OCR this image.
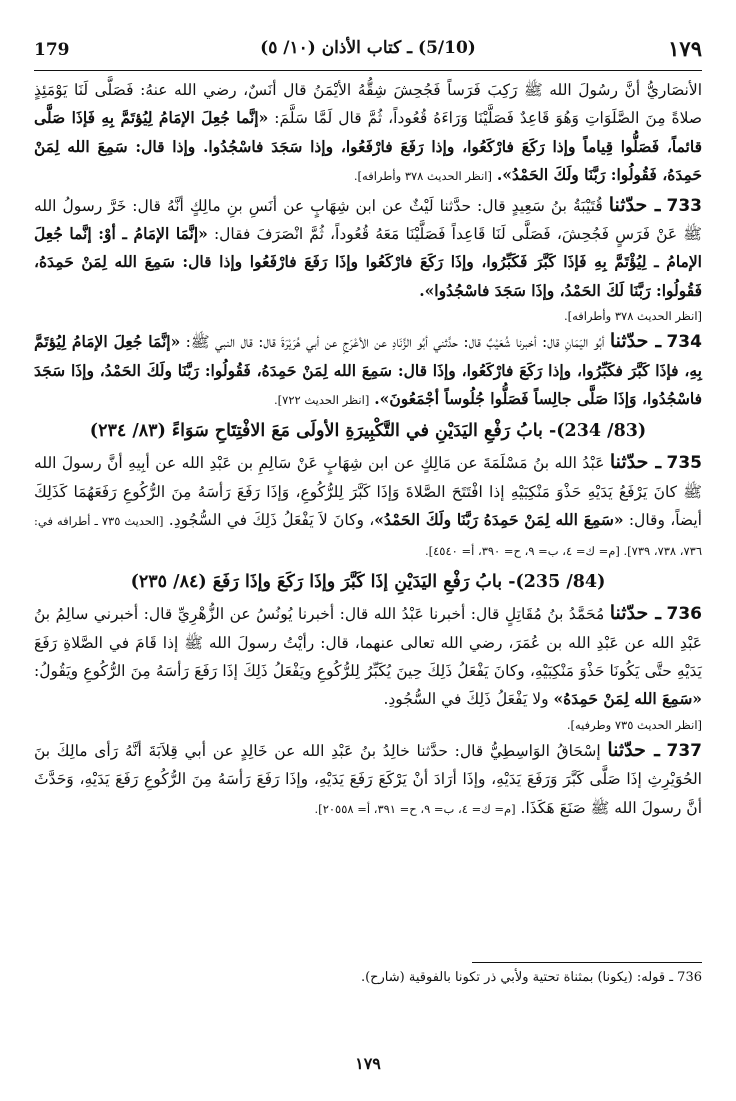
179	(5/10) ـ كتاب الأذان (١٠/ ٥)	١٧٩

الأنصَاريُّ أنَّ رسُولَ الله ﷺ رَكِبَ فَرَساً فَجُحِشَ شِقُّهُ الأيْمَنُ قال أنَسٌ، رضي الله عنهُ: فَصَلَّى لَنَا يَوْمَئِذٍ صلاةً مِنَ الصَّلَوَاتِ وَهُوَ قَاعِدٌ فَصَلَّيْنَا وَرَاءَهُ قُعُوداً، ثُمَّ قال لَمَّا سَلَّمَ: «إنَّما جُعِلَ الإمَامُ لِيُؤتَمَّ بِهِ فَإذَا صَلَّى قائماً، فَصَلُّوا قِياماً وإذا رَكَعَ فارْكَعُوا، وإذا رَفَعَ فارْفَعُوا، وإذا سَجَدَ فاسْجُدُوا. وإذا قال: سَمِعَ الله لِمَنْ حَمِدَهُ، فَقُولُوا: رَبَّنَا ولَكَ الحَمْدُ». [انظر الحديث ٣٧٨ وأطرافه].

733 ـ حدّثنا قُتَيْبَةُ بنُ سَعِيدٍ قال: حدَّثنا لَيْثٌ عن ابن شِهَابٍ عن أنَسِ بنِ مالِكٍ أنَّهُ قال: خَرَّ رسولُ الله ﷺ عَنْ فَرَسٍ فَجُحِشَ، فَصَلَّى لَنَا قَاعِداً فَصَلَّيْنَا مَعَهُ قُعُوداً، ثُمَّ انْصَرَفَ فقال: «إنَّمَا الإمَامُ ـ أوْ: إنَّما جُعِلَ الإمامُ ـ لِيُؤْتَمَّ بِهِ فَإذَا كَبَّرَ فَكَبِّرُوا، وإذَا رَكَعَ فارْكَعُوا وإذَا رَفَعَ فارْفَعُوا وإذا قال: سَمِعَ الله لِمَنْ حَمِدَهُ، فَقُولُوا: رَبَّنَا لَكَ الحَمْدُ، وإذَا سَجَدَ فاسْجُدُوا».

[انظر الحديث ٣٧٨ وأطرافه].

734 ـ حدّثنا أبُو اليَمَانِ قال: أخبرنا شُعَيْبٌ قال: حدَّثني أبُو الزِّنَادِ عن الأعْرَجِ عن أبي هُرَيْرَةَ قال: قال النبي ﷺ: «إنَّمَا جُعِلَ الإمَامُ لِيُؤتَمَّ بِهِ، فإذَا كَبَّرَ فكَبِّرُوا، وإذا رَكَعَ فارْكَعُوا، وإذَا قال: سَمِعَ الله لِمَنْ حَمِدَهُ، فَقُولُوا: رَبَّنَا ولَكَ الحَمْدُ، وإذَا سَجَدَ فاسْجُدُوا، وَإذَا صَلَّى جالِساً فَصَلُّوا جُلُوساً أجْمَعُونَ». [انظر الحديث ٧٢٢].

(83/ 234)- بابُ رَفْعِ اليَدَيْنِ في التَّكْبِيرَةِ الأولَى مَعَ الافْتِتَاحِ سَوَاءً (٨٣/ ٢٣٤)

735 ـ حدّثنا عَبْدُ الله بنُ مَسْلَمَةَ عن مَالِكٍ عن ابن شِهَابٍ عَنْ سَالِمِ بن عَبْدِ الله عن أبِيهِ أنَّ رسولَ الله ﷺ كانَ يَرْفَعُ يَدَيْهِ حَذْوَ مَنْكِبَيْهِ إذا افْتَتَحَ الصَّلاةَ وَإذَا كَبَّرَ لِلرُّكُوعِ، وَإذَا رَفَعَ رَأسَهُ مِنَ الرُّكُوعِ رَفَعَهُمَا كَذَلِكَ أيضاً، وقال: «سَمِعَ الله لِمَنْ حَمِدَهُ رَبَّنَا ولَكَ الحَمْدُ»، وكانَ لاَ يَفْعَلُ ذَلِكَ في السُّجُودِ. [الحديث ٧٣٥ ـ أطرافه في: ٧٣٦، ٧٣٨، ٧٣٩]. [م= ك= ٤، ب= ٩، ح= ٣٩٠، أ= ٤٥٤٠].

(84/ 235)- بابُ رَفْعِ اليَدَيْنِ إذَا كَبَّرَ وإذَا رَكَعَ وإذَا رَفَعَ (٨٤/ ٢٣٥)

736 ـ حدّثنا مُحَمَّدُ بنُ مُقَاتِلٍ قال: أخبرنا عَبْدُ الله قال: أخبرنا يُونُسُ عن الزُّهْرِيِّ قال: أخبرني سالِمُ بنُ عَبْدِ الله عن عَبْدِ الله بن عُمَرَ، رضي الله تعالى عنهما، قال: رأيْتُ رسولَ الله ﷺ إذا قَامَ في الصَّلاةِ رَفَعَ يَدَيْهِ حتَّى يَكُونَا حَذْوَ مَنْكِبَيْهِ، وكانَ يَفْعَلُ ذَلِكَ حِينَ يُكَبِّرُ لِلرُّكُوعِ ويَفْعَلُ ذَلِكَ إذَا رَفَعَ رَأسَهُ مِنَ الرُّكُوعِ ويَقُولُ: «سَمِعَ الله لِمَنْ حَمِدَهُ» ولا يَفْعَلُ ذَلِكَ في السُّجُودِ.

[انظر الحديث ٧٣٥ وطرفيه].

737 ـ حدّثنا إسْحَاقُ الوَاسِطِيُّ قال: حدَّثنا خالِدُ بنُ عَبْدِ الله عن خَالِدٍ عن أبي قِلاَبَةَ أنَّهُ رَأى مالِكَ بنَ الحُوَيْرِثِ إذَا صَلَّى كَبَّرَ وَرَفَعَ يَدَيْهِ، وإذَا أرَادَ أنْ يَرْكَعَ رَفَعَ يَدَيْهِ، وإذَا رَفَعَ رَأسَهُ مِنَ الرُّكُوعِ رَفَعَ يَدَيْهِ، وَحَدَّثَ أنَّ رسولَ الله ﷺ صَنَعَ هَكَذَا. [م= ك= ٤، ب= ٩، ح= ٣٩١، أ= ٢٠٥٥٨].

736 ـ قوله: (يكونا) بمثناة تحتية ولأبي ذر تكونا بالفوقية (شارح).
١٧٩
